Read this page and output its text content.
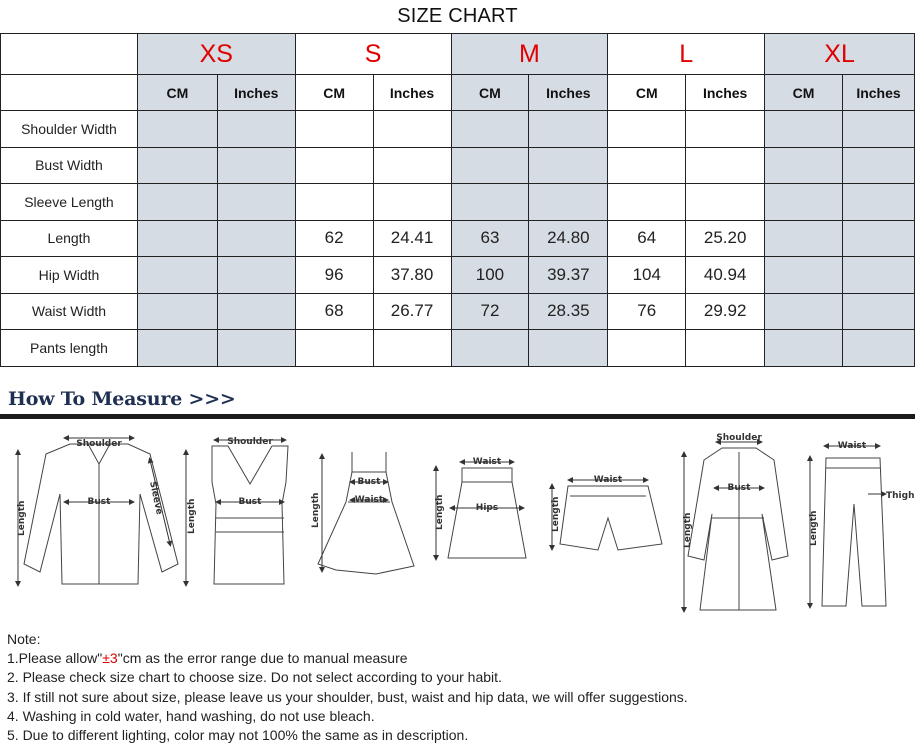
SIZE CHART
	XS		S		M		L		XL	
	CM	Inches	CM	Inches	CM	Inches	CM	Inches	CM	Inches
Shoulder Width										
Bust Width										
Sleeve Length										
Length			62	24.41	63	24.80	64	25.20		
Hip Width			96	37.80	100	39.37	104	40.94		
Waist Width			68	26.77	72	28.35	76	29.92		
Pants length										
How To Measure >>>
Shoulder
Bust	Sleeve
Length
Shoulder
Bust
Length
Bust
Waist
Length
Waist
Hips
Length
Waist
Length
Shoulder
Bust
Length
Waist
Thigh
Length
Note:
1.Please allow"±3"cm as the error range due to manual measure
2. Please check size chart to choose size. Do not select according to your habit.
3. If still not sure about size, please leave us your shoulder, bust, waist and hip data, we will offer suggestions.
4. Washing in cold water, hand washing, do not use bleach.
5. Due to different lighting, color may not 100% the same as in description.
